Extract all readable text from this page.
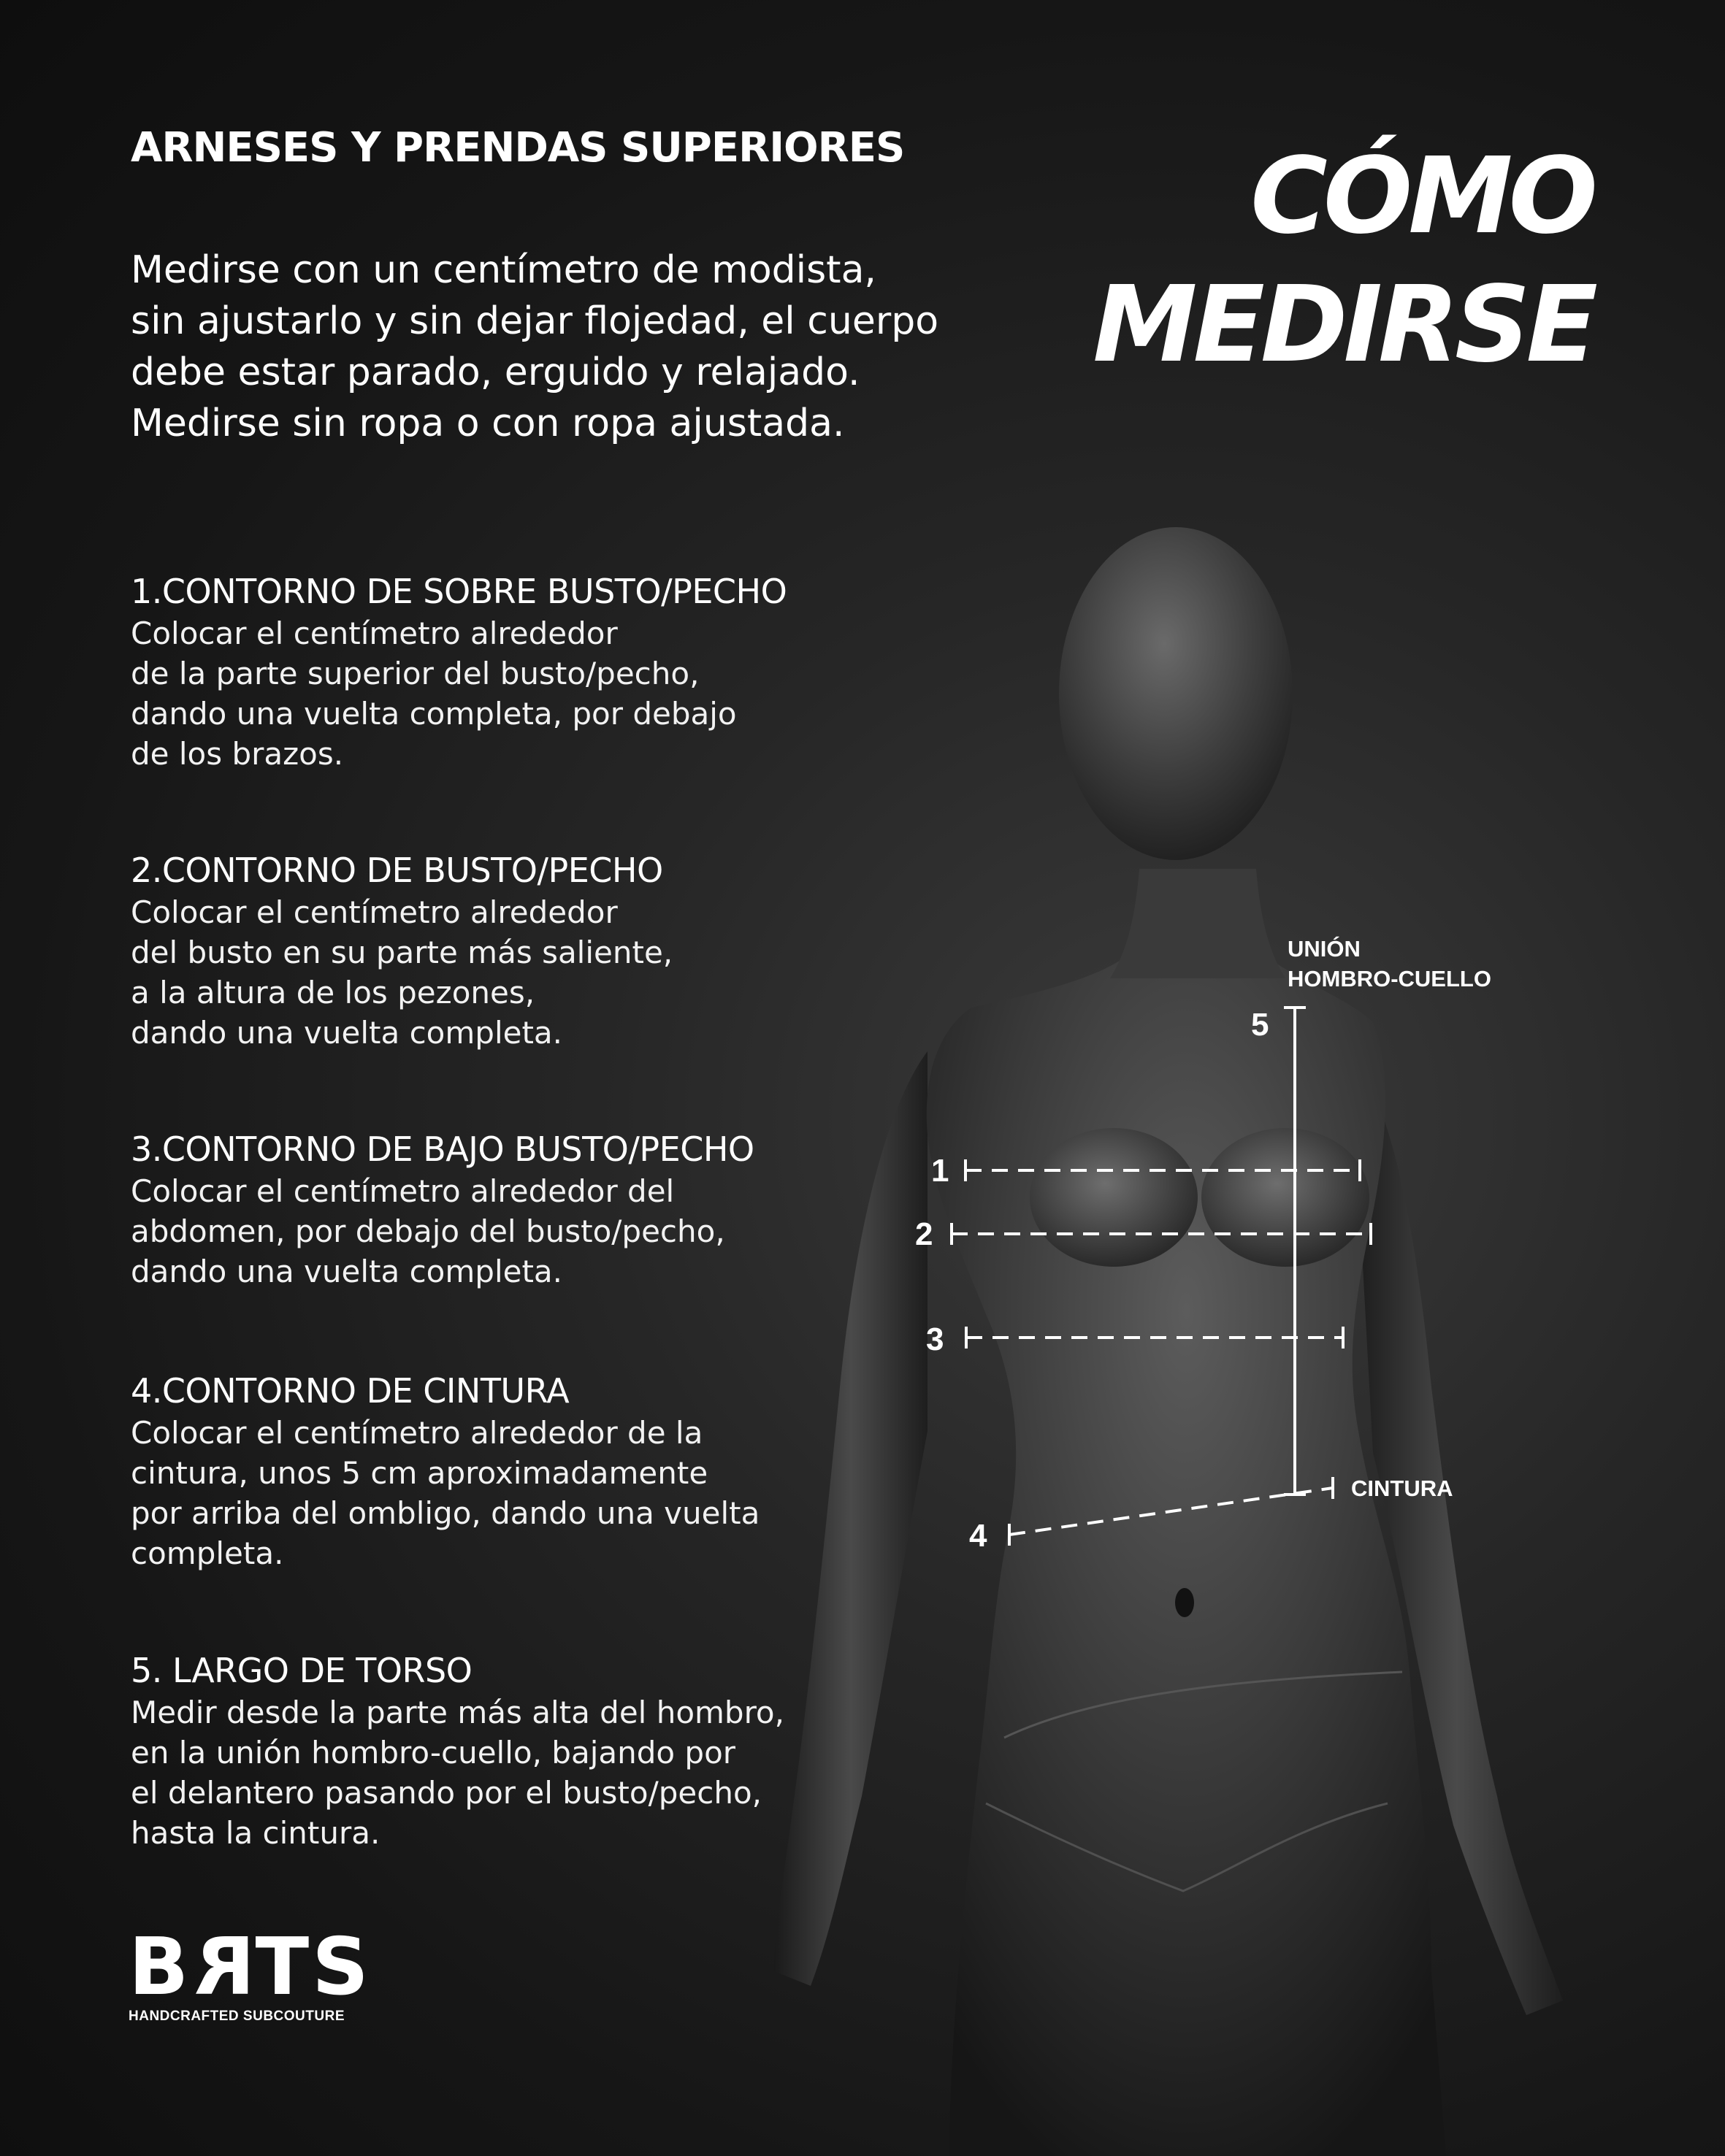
ARNESES Y PRENDAS SUPERIORES
Medirse con un centímetro de modista,
sin ajustarlo y sin dejar flojedad, el cuerpo
debe estar parado, erguido y relajado.
Medirse sin ropa o con ropa ajustada.
CÓMO
MEDIRSE
1.CONTORNO DE SOBRE BUSTO/PECHO
Colocar el centímetro alrededor
de la parte superior del busto/pecho,
dando una vuelta completa, por debajo
de los brazos.
2.CONTORNO DE BUSTO/PECHO
Colocar el centímetro alrededor
del busto en su parte más saliente,
a la altura de los pezones,
dando una vuelta completa.
3.CONTORNO DE BAJO BUSTO/PECHO
Colocar el centímetro alrededor del
abdomen, por debajo del busto/pecho,
dando una vuelta completa.
4.CONTORNO DE CINTURA
Colocar el centímetro alrededor de la
cintura, unos 5 cm aproximadamente
por arriba del ombligo, dando una vuelta
completa.
5. LARGO DE TORSO
Medir desde la parte más alta del hombro,
en la unión hombro-cuello, bajando por
el delantero pasando por el busto/pecho,
hasta la cintura.
BRTS
HANDCRAFTED SUBCOUTURE
1
2
3
4
5
UNIÓN
HOMBRO-CUELLO
CINTURA
